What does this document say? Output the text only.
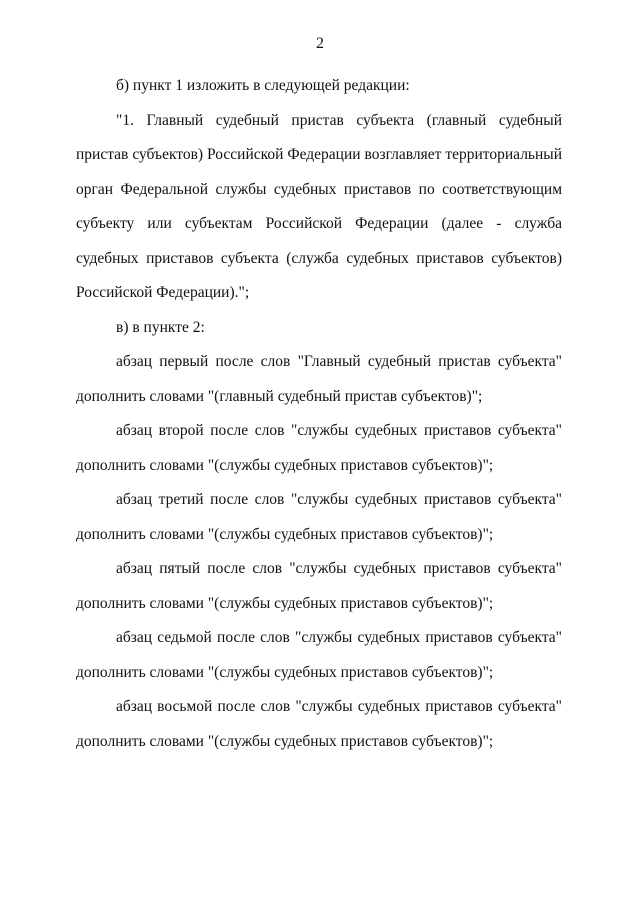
2

б) пункт 1 изложить в следующей редакции:

"1. Главный судебный пристав субъекта (главный судебный пристав субъектов) Российской Федерации возглавляет территориальный орган Федеральной службы судебных приставов по соответствующим субъекту или субъектам Российской Федерации (далее - служба судебных приставов субъекта (служба судебных приставов субъектов) Российской Федерации).";

в) в пункте 2:

абзац первый после слов "Главный судебный пристав субъекта" дополнить словами "(главный судебный пристав субъектов)";

абзац второй после слов "службы судебных приставов субъекта" дополнить словами "(службы судебных приставов субъектов)";

абзац третий после слов "службы судебных приставов субъекта" дополнить словами "(службы судебных приставов субъектов)";

абзац пятый после слов "службы судебных приставов субъекта" дополнить словами "(службы судебных приставов субъектов)";

абзац седьмой после слов "службы судебных приставов субъекта" дополнить словами "(службы судебных приставов субъектов)";

абзац восьмой после слов "службы судебных приставов субъекта" дополнить словами "(службы судебных приставов субъектов)";
